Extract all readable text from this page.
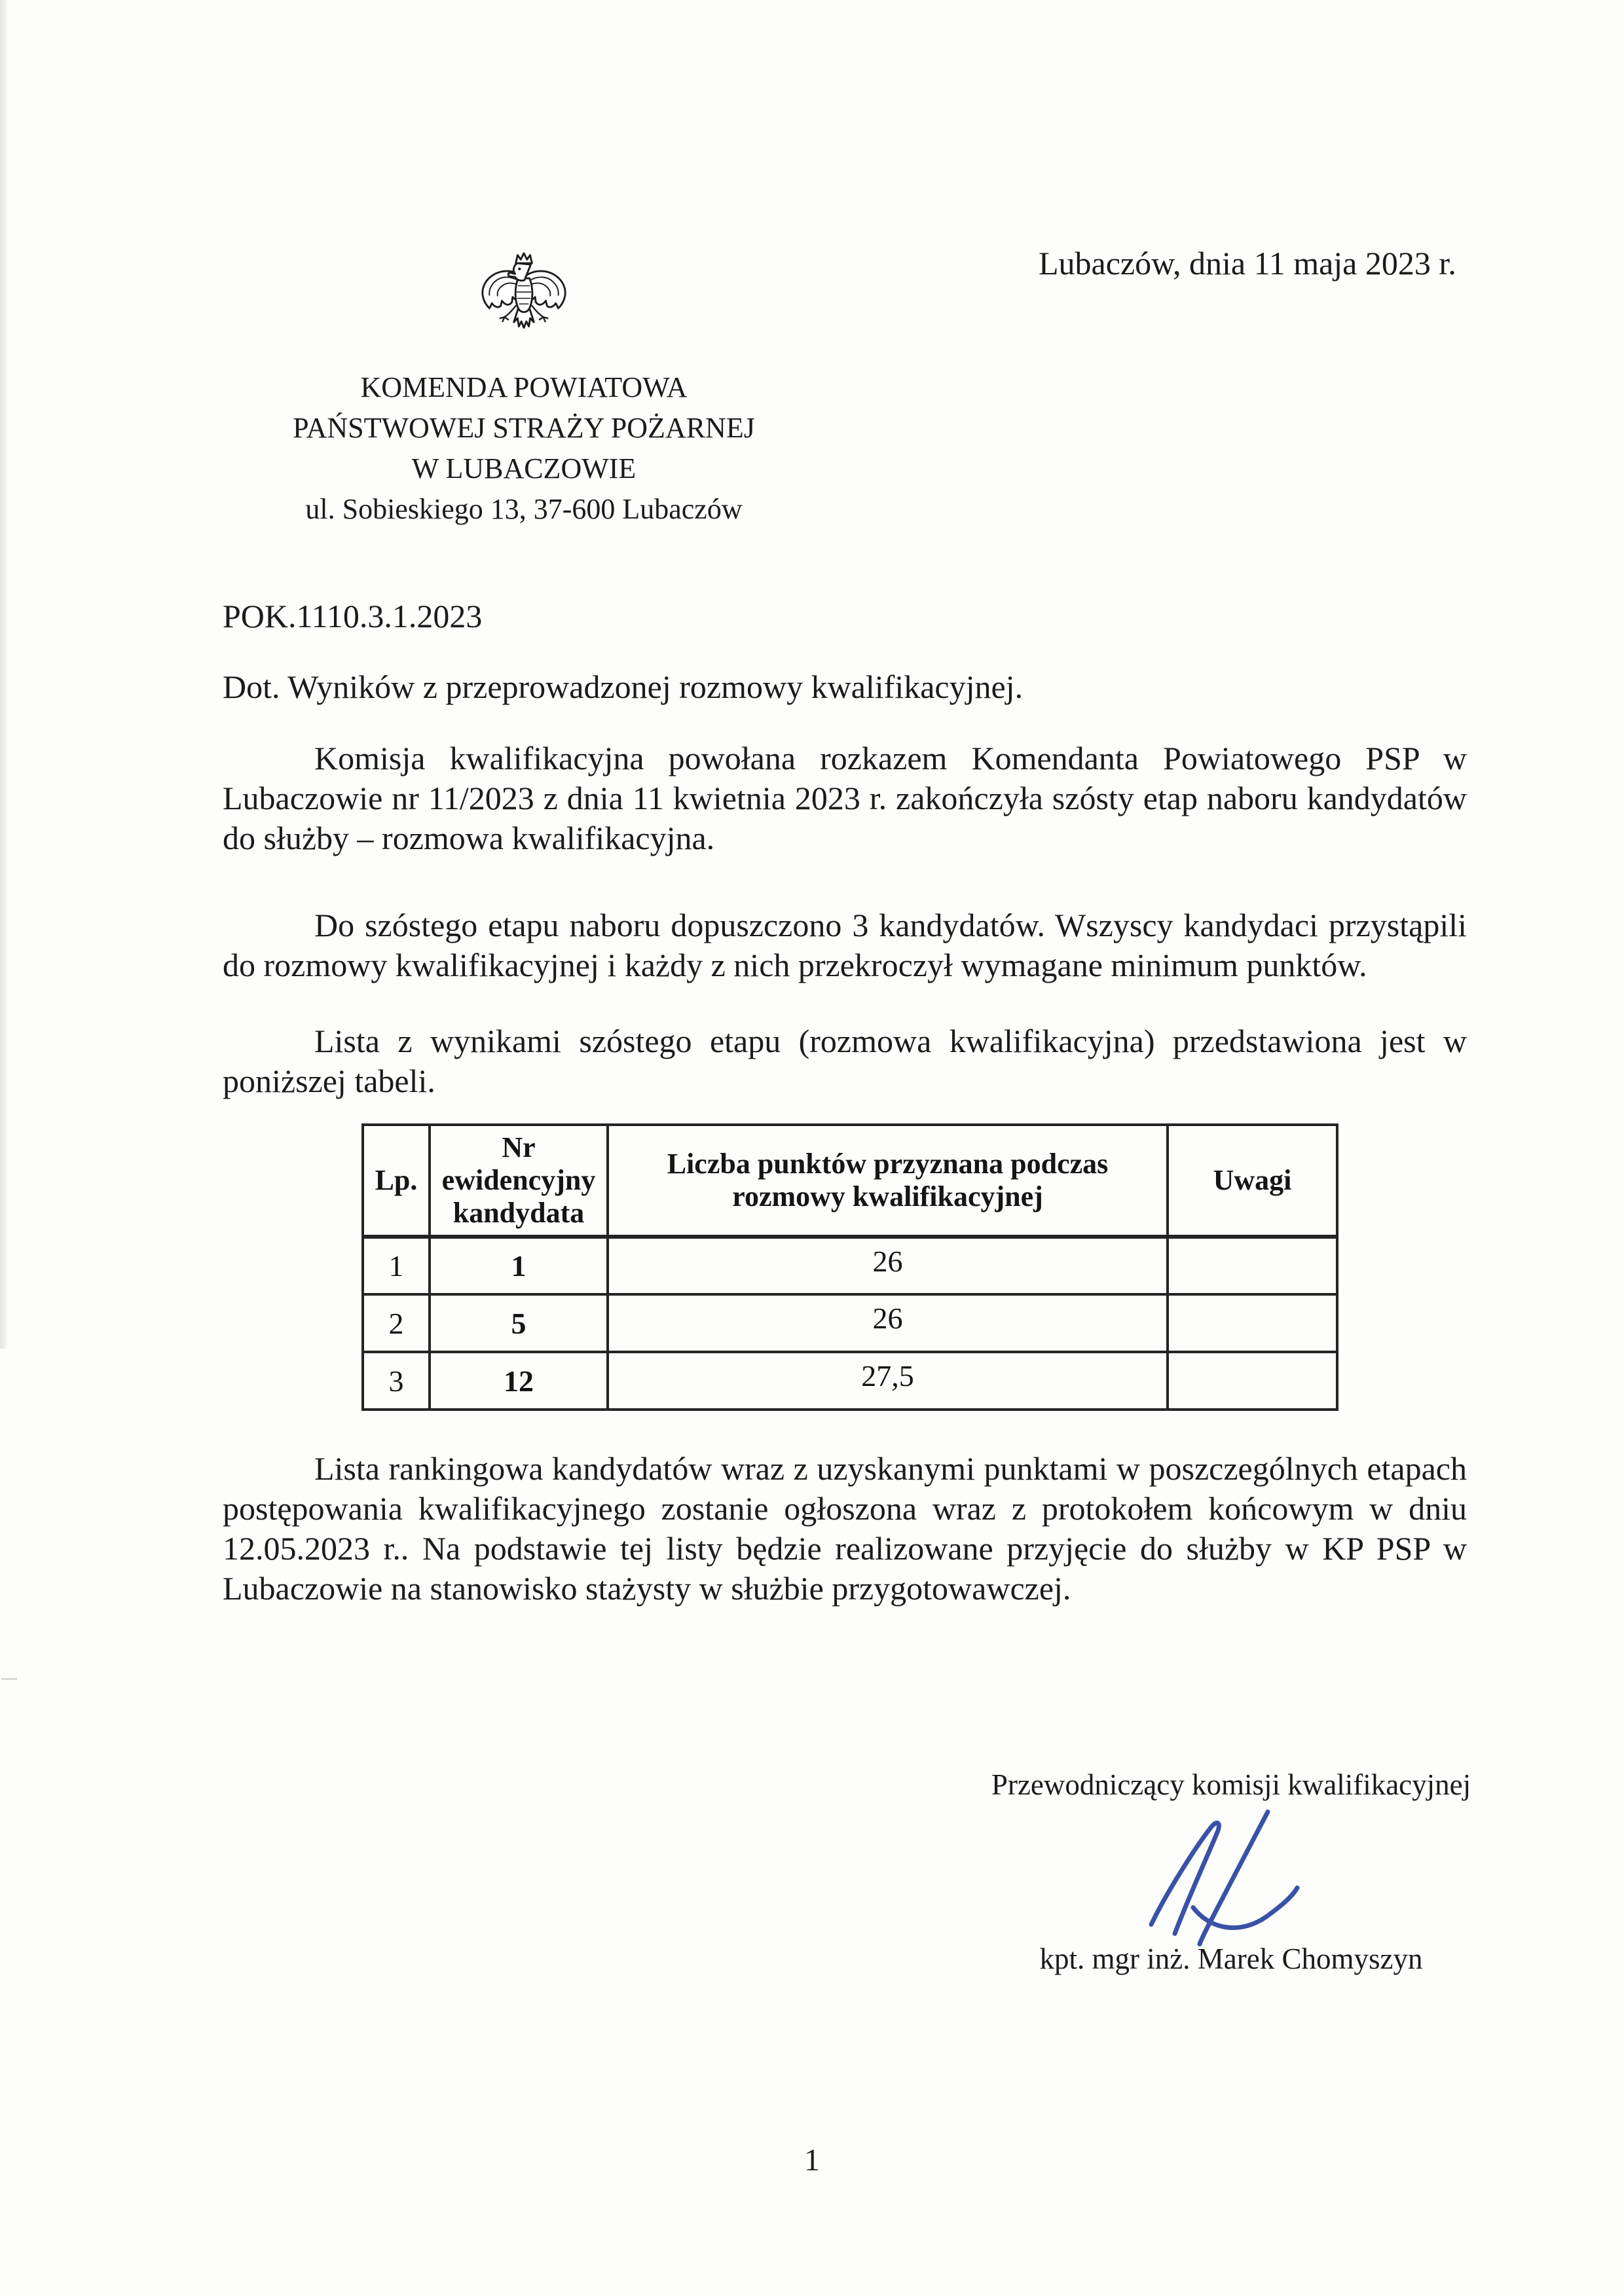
Lubaczów, dnia 11 maja 2023 r.
KOMENDA POWIATOWA
PAŃSTWOWEJ STRAŻY POŻARNEJ
W LUBACZOWIE
ul. Sobieskiego 13, 37-600 Lubaczów
POK.1110.3.1.2023
Dot. Wyników z przeprowadzonej rozmowy kwalifikacyjnej.

Komisja kwalifikacyjna powołana rozkazem Komendanta Powiatowego PSP w Lubaczowie nr 11/2023 z dnia 11 kwietnia 2023 r. zakończyła szósty etap naboru kandydatów do służby – rozmowa kwalifikacyjna.

Do szóstego etapu naboru dopuszczono 3 kandydatów. Wszyscy kandydaci przystąpili do rozmowy kwalifikacyjnej i każdy z nich przekroczył wymagane minimum punktów.

Lista z wynikami szóstego etapu (rozmowa kwalifikacyjna) przedstawiona jest w poniższej tabeli.

Lp.	Nr ewidencyjny kandydata	Liczba punktów przyznana podczas rozmowy kwalifikacyjnej	Uwagi
1	1	26	
2	5	26	
3	12	27,5	

Lista rankingowa kandydatów wraz z uzyskanymi punktami w poszczególnych etapach postępowania kwalifikacyjnego zostanie ogłoszona wraz z protokołem końcowym w dniu 12.05.2023 r.. Na podstawie tej listy będzie realizowane przyjęcie do służby w KP PSP w Lubaczowie na stanowisko stażysty w służbie przygotowawczej.

Przewodniczący komisji kwalifikacyjnej
kpt. mgr inż. Marek Chomyszyn
1
